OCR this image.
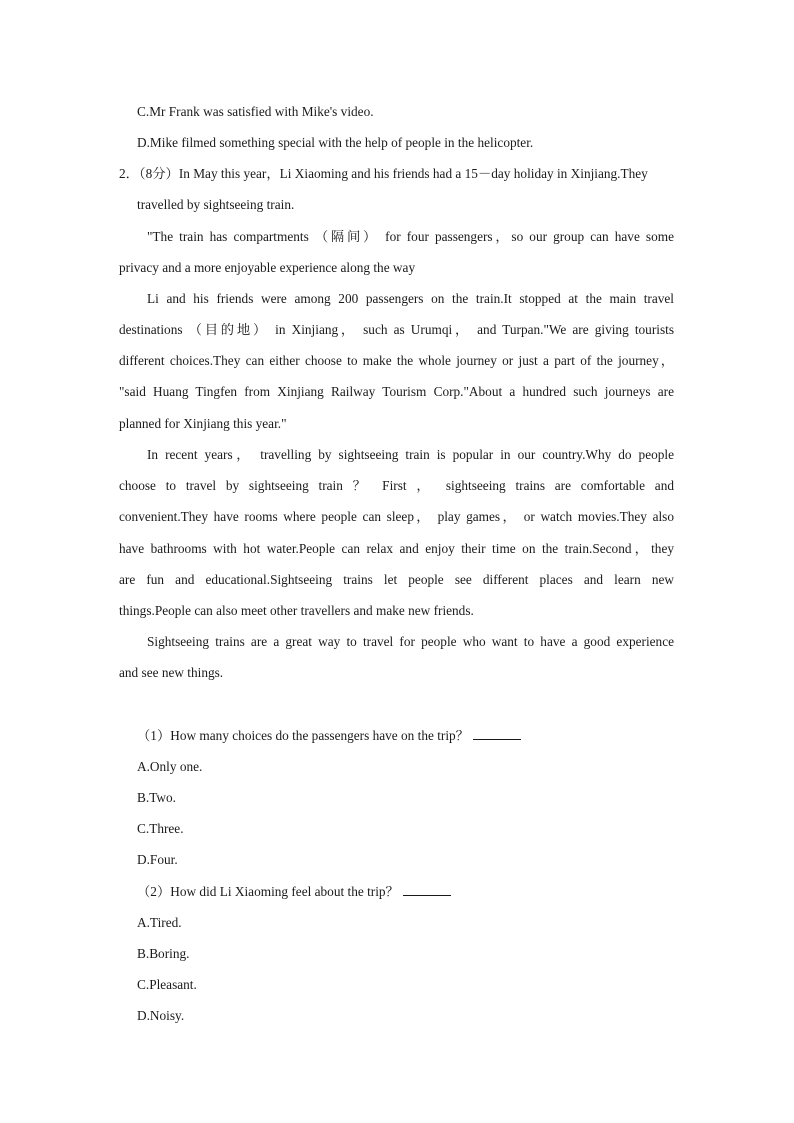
C.Mr Frank was satisfied with Mike's video.
D.Mike filmed something special with the help of people in the helicopter.
2．（8分）In May this year，Li Xiaoming and his friends had a 15－day holiday in Xinjiang.They
travelled by sightseeing train.
"The train has compartments （隔间） for four passengers，so our group can have some
privacy and a more enjoyable experience along the way
Li and his friends were among 200 passengers on the train.It stopped at the main travel
destinations （目的地） in Xinjiang， such as Urumqi， and Turpan."We are giving tourists
different choices.They can either choose to make the whole journey or just a part of the journey，
"said Huang Tingfen from Xinjiang Railway Tourism Corp."About a hundred such journeys are
planned for Xinjiang this year."
In recent years， travelling by sightseeing train is popular in our country.Why do people
choose to travel by sightseeing train ？ First ， sightseeing trains are comfortable and
convenient.They have rooms where people can sleep， play games， or watch movies.They also
have bathrooms with hot water.People can relax and enjoy their time on the train.Second，they
are fun and educational.Sightseeing trains let people see different places and learn new
things.People can also meet other travellers and make new friends.
Sightseeing trains are a great way to travel for people who want to have a good experience
and see new things.
（1）How many choices do the passengers have on the trip？
A.Only one.
B.Two.
C.Three.
D.Four.
（2）How did Li Xiaoming feel about the trip？
A.Tired.
B.Boring.
C.Pleasant.
D.Noisy.
